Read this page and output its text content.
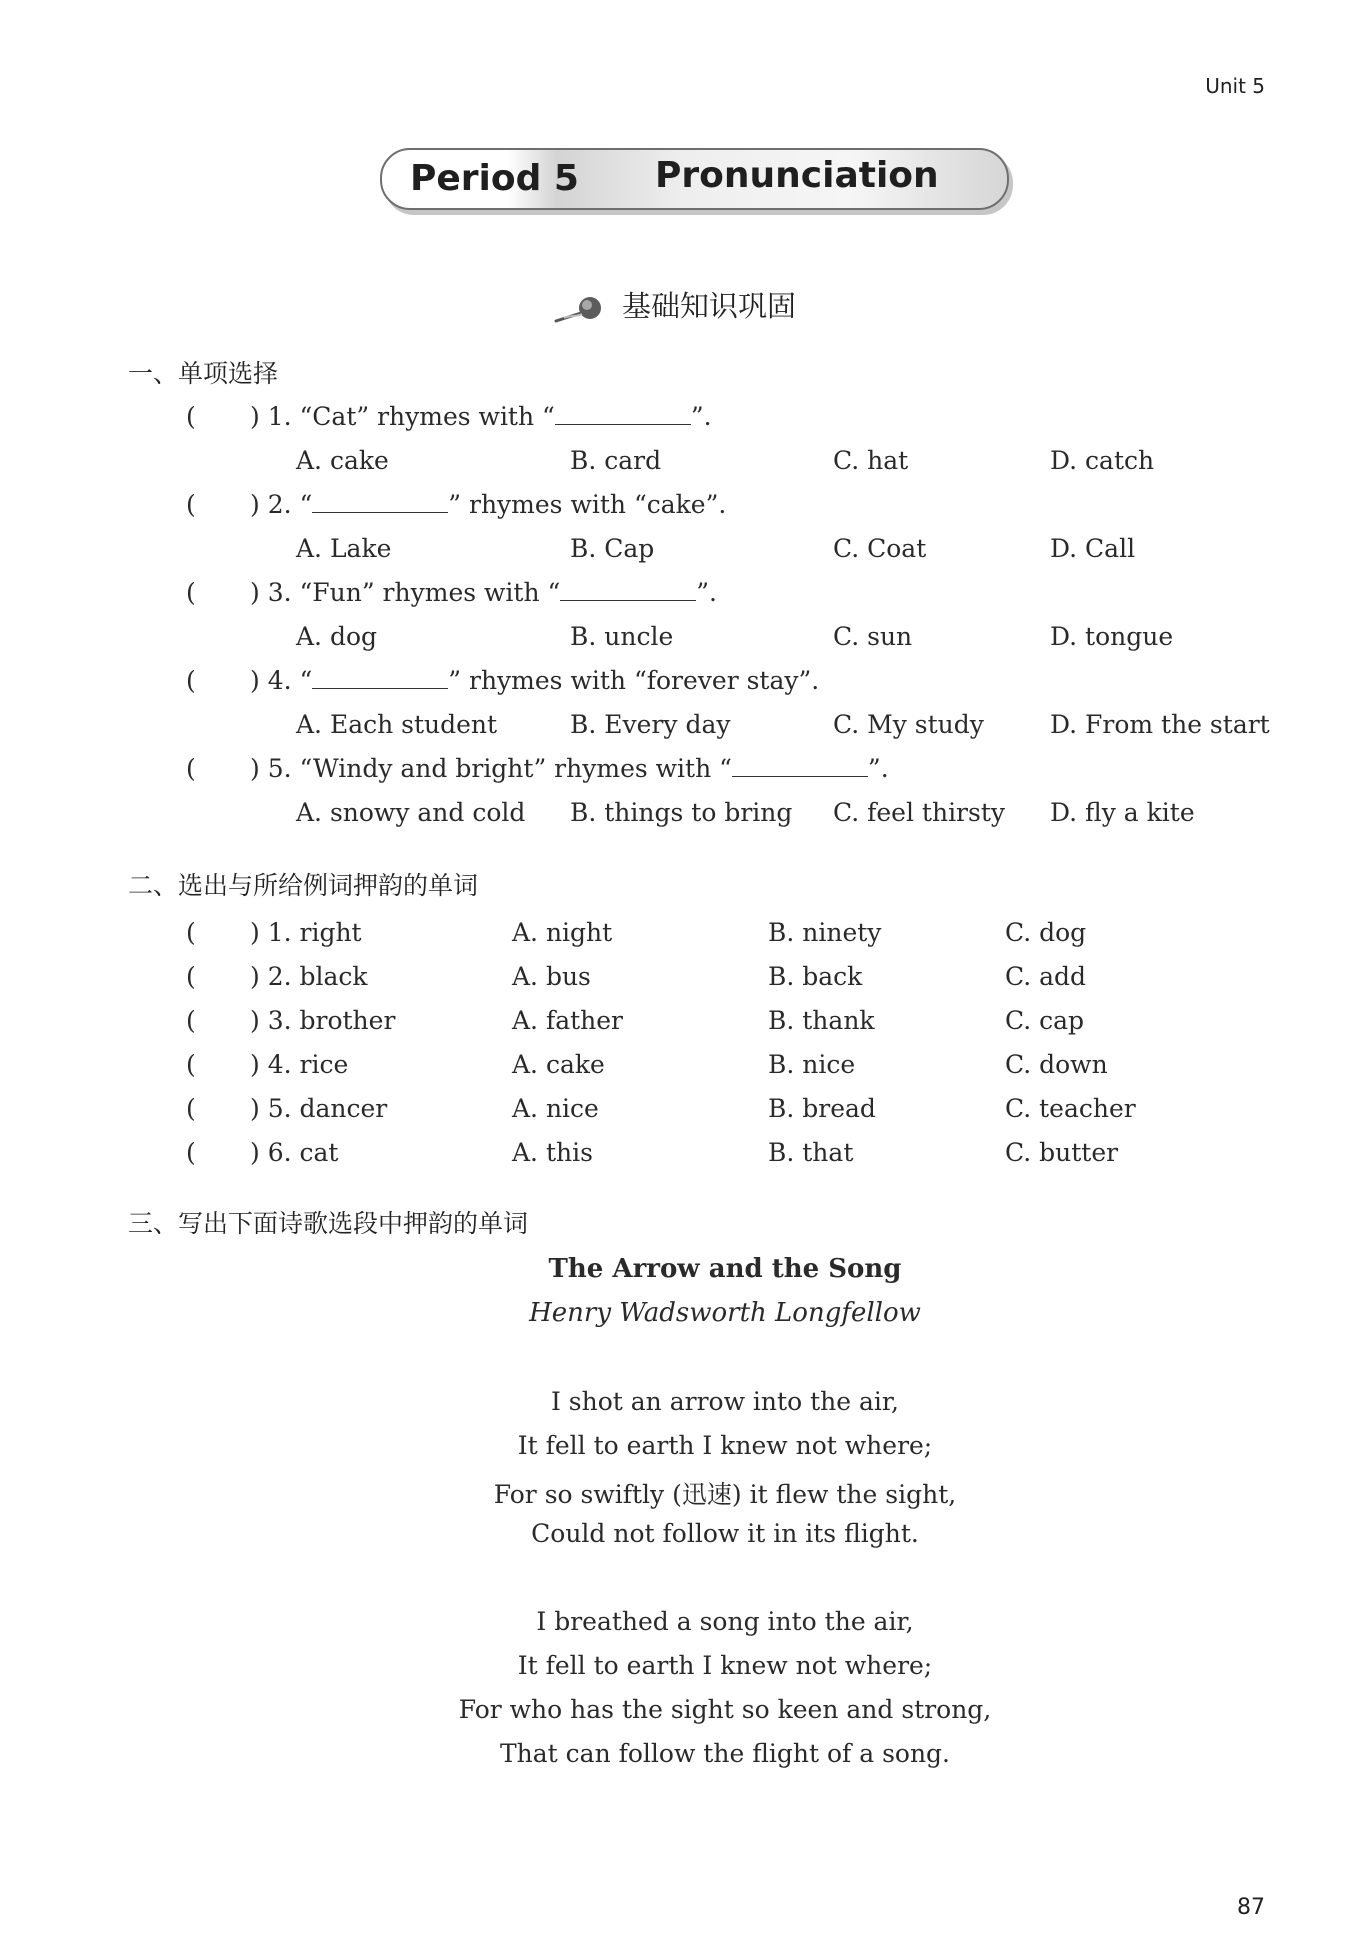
Unit 5
Period 5 Pronunciation
基础知识巩固
一、单项选择
( ) 1. “Cat” rhymes with “	”.
A. cake	B. card	C. hat	D. catch
( ) 2. “	” rhymes with “cake”.
A. Lake	B. Cap	C. Coat	D. Call
( ) 3. “Fun” rhymes with “	”.
A. dog	B. uncle	C. sun	D. tongue
( ) 4. “	” rhymes with “forever stay”.
A. Each student	B. Every day	C. My study	D. From the start
( ) 5. “Windy and bright” rhymes with “	”.
A. snowy and cold B. things to bring C. feel thirsty D. fly a kite
二、选出与所给例词押韵的单词
( ) 1. right	A. night	B. ninety	C. dog
( ) 2. black	A. bus	B. back	C. add
( ) 3. brother	A. father	B. thank	C. cap
( ) 4. rice	A. cake	B. nice	C. down
( ) 5. dancer	A. nice	B. bread	C. teacher
( ) 6. cat	A. this	B. that	C. butter
三、写出下面诗歌选段中押韵的单词
The Arrow and the Song
Henry Wadsworth Longfellow
I shot an arrow into the air,
It fell to earth I knew not where;
For so swiftly (迅速) it flew the sight,
Could not follow it in its flight.
I breathed a song into the air,
It fell to earth I knew not where;
For who has the sight so keen and strong,
That can follow the flight of a song.
87
